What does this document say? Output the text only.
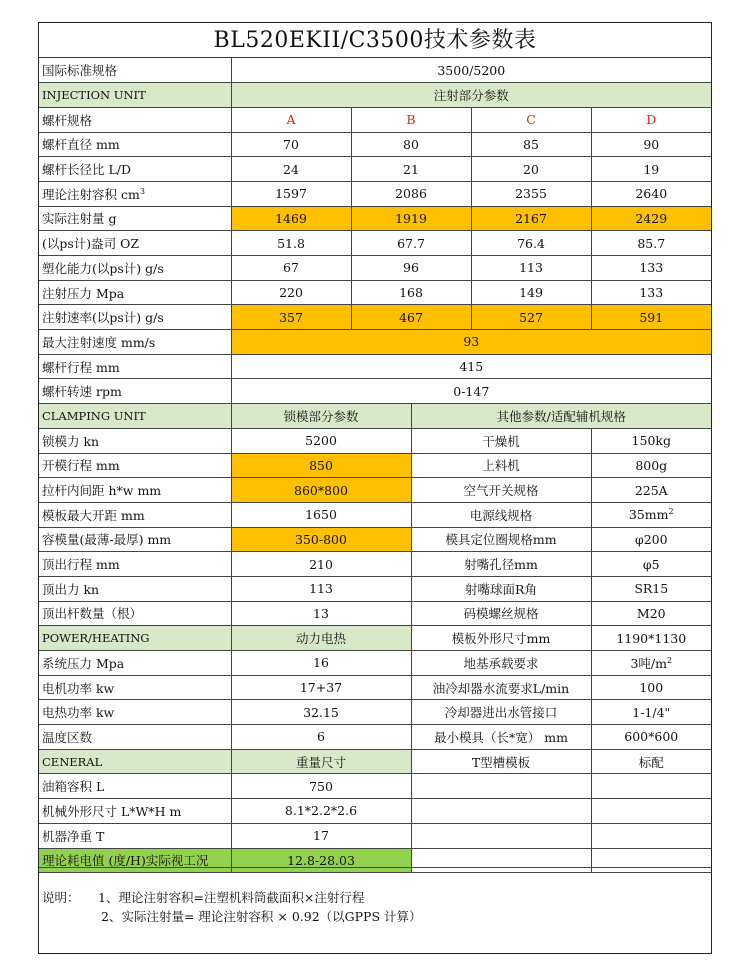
BL520EKII/C3500技术参数表
国际标准规格	3500/5200				
INJECTION UNIT	注射部分参数				
螺杆规格	A	B		C	D
螺杆直径 mm	70	80		85	90
螺杆长径比 L/D	24	21		20	19
理论注射容积 $cm^3$	1597	2086		2355	2640
实际注射量 g	1469	1919		2167	2429
(以ps计)盎司 OZ	51.8	67.7		76.4	85.7
塑化能力(以ps计) g/s	67	96		113	133
注射压力 Mpa	220	168		149	133
注射速率(以ps计) g/s	357	467		527	591
最大注射速度 mm/s	93				
螺杆行程 mm	415				
螺杆转速 rpm	0-147				
CLAMPING UNIT	锁模部分参数		其他参数/适配辅机规格		
锁模力 kn	5200		干燥机		150kg
开模行程 mm	850		上料机		800g
拉杆内间距 h*w mm	860*800		空气开关规格		225A
模板最大开距 mm	1650		电源线规格		$35mm^2$
容模量(最薄-最厚) mm	350-800		模具定位圈规格mm		φ200
顶出行程 mm	210		射嘴孔径mm		φ5
顶出力 kn	113		射嘴球面R角		SR15
顶出杆数量（根）	13		码模螺丝规格		M20
POWER/HEATING	动力电热		模板外形尺寸mm		1190*1130
系统压力 Mpa	16		地基承载要求		3吨$/m^2$
电机功率 kw	17+37		油冷却器水流要求L/min		100
电热功率 kw	32.15		冷却器进出水管接口		1-1/4"
温度区数	6		最小模具（长*宽） mm		600*600
CENERAL	重量尺寸		T型槽模板		标配
油箱容积 L	750				
机械外形尺寸 L*W*H m	8.1*2.2*2.6				
机器净重 T	17				
理论耗电值 (度/H)实际视工况	12.8-28.03				
说明： 1、理论注射容积=注塑机料筒截面积×注射行程
2、实际注射量= 理论注射容积 × 0.92（以GPPS 计算）
